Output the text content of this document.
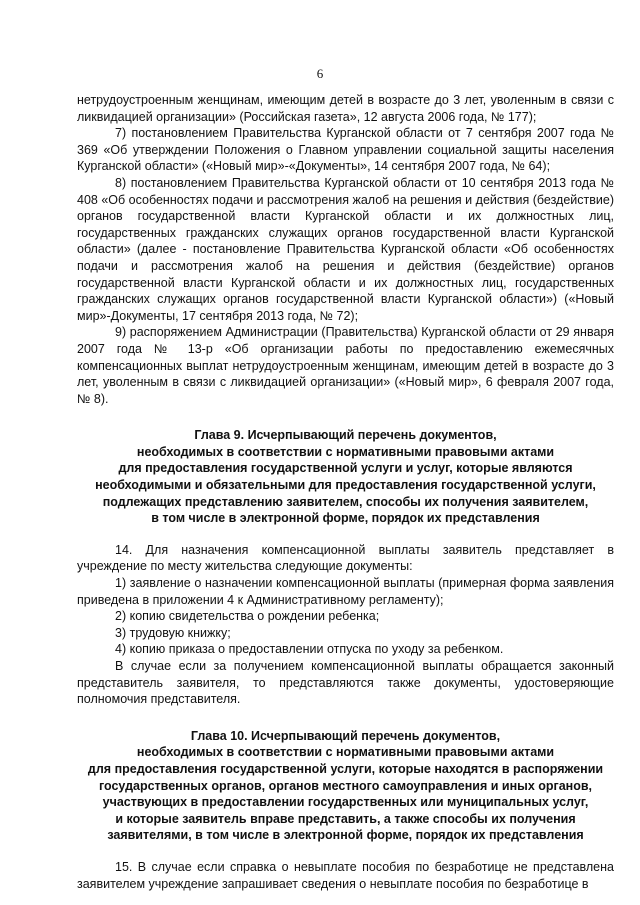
6

нетрудоустроенным женщинам, имеющим детей в возрасте до 3 лет, уволенным в связи с ликвидацией организации» (Российская газета», 12 августа 2006 года, № 177);

7) постановлением Правительства Курганской области от 7 сентября 2007 года № 369 «Об утверждении Положения о Главном управлении социальной защиты населения Курганской области» («Новый мир»-«Документы», 14 сентября 2007 года, № 64);

8) постановлением Правительства Курганской области от 10 сентября 2013 года № 408 «Об особенностях подачи и рассмотрения жалоб на решения и действия (бездействие) органов государственной власти Курганской области и их должностных лиц, государственных гражданских служащих органов государственной власти Курганской области» (далее - постановление Правительства Курганской области «Об особенностях подачи и рассмотрения жалоб на решения и действия (бездействие) органов государственной власти Курганской области и их должностных лиц, государственных гражданских служащих органов государственной власти Курганской области») («Новый мир»-Документы, 17 сентября 2013 года, № 72);

9) распоряжением Администрации (Правительства) Курганской области от 29 января 2007 года № 13-р «Об организации работы по предоставлению ежемесячных компенсационных выплат нетрудоустроенным женщинам, имеющим детей в возрасте до 3 лет, уволенным в связи с ликвидацией организации» («Новый мир», 6 февраля 2007 года, № 8).

Глава 9. Исчерпывающий перечень документов,

необходимых в соответствии с нормативными правовыми актами

для предоставления государственной услуги и услуг, которые являются

необходимыми и обязательными для предоставления государственной услуги,

подлежащих представлению заявителем, способы их получения заявителем,

в том числе в электронной форме, порядок их представления

14. Для назначения компенсационной выплаты заявитель представляет в учреждение по месту жительства следующие документы:

1) заявление о назначении компенсационной выплаты (примерная форма заявления приведена в приложении 4 к Административному регламенту);

2) копию свидетельства о рождении ребенка;

3) трудовую книжку;

4) копию приказа о предоставлении отпуска по уходу за ребенком.

В случае если за получением компенсационной выплаты обращается законный представитель заявителя, то представляются также документы, удостоверяющие полномочия представителя.

Глава 10. Исчерпывающий перечень документов,

необходимых в соответствии с нормативными правовыми актами

для предоставления государственной услуги, которые находятся в распоряжении

государственных органов, органов местного самоуправления и иных органов,

участвующих в предоставлении государственных или муниципальных услуг,

и которые заявитель вправе представить, а также способы их получения

заявителями, в том числе в электронной форме, порядок их представления

15. В случае если справка о невыплате пособия по безработице не представлена заявителем учреждение запрашивает сведения о невыплате пособия по безработице в
